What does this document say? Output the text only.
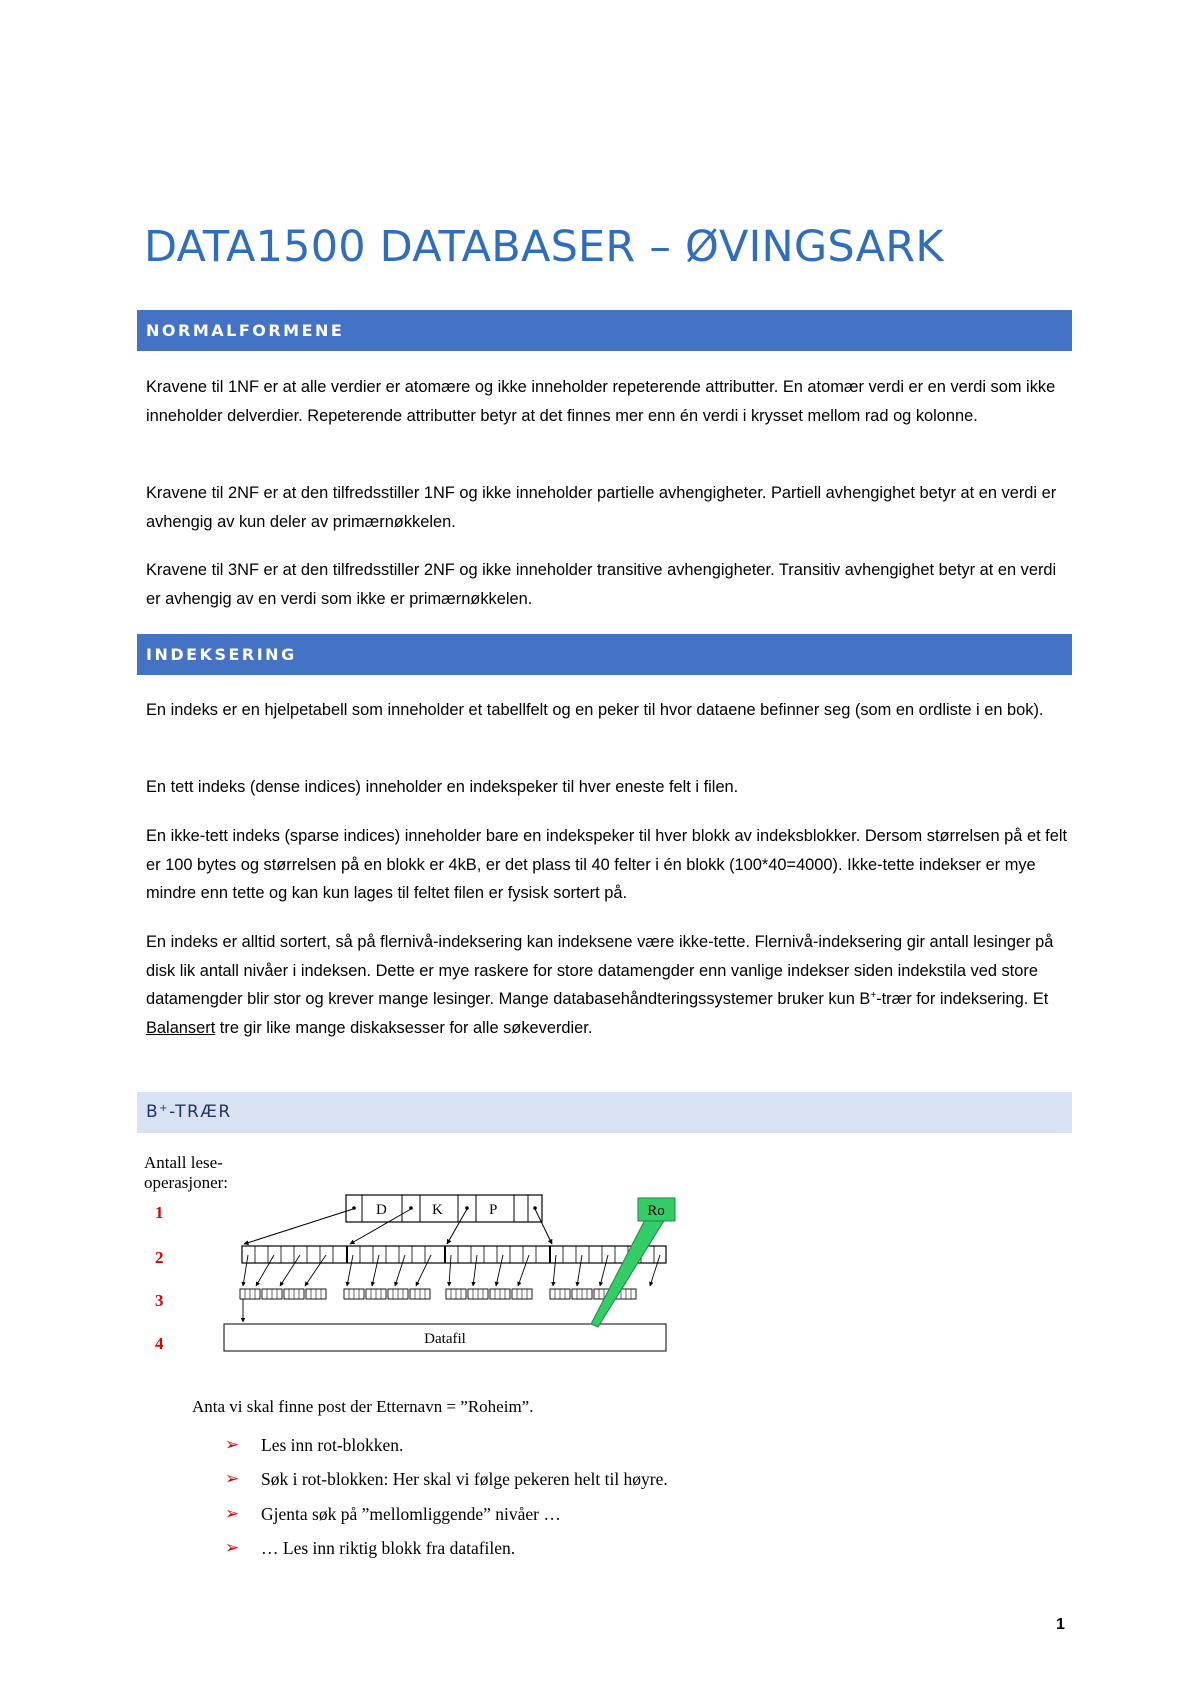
DATA1500 DATABASER – ØVINGSARK
NORMALFORMENE

Kravene til 1NF er at alle verdier er atomære og ikke inneholder repeterende attributter. En atomær verdi er en verdi som ikke inneholder delverdier. Repeterende attributter betyr at det finnes mer enn én verdi i krysset mellom rad og kolonne.

Kravene til 2NF er at den tilfredsstiller 1NF og ikke inneholder partielle avhengigheter. Partiell avhengighet betyr at en verdi er avhengig av kun deler av primærnøkkelen.

Kravene til 3NF er at den tilfredsstiller 2NF og ikke inneholder transitive avhengigheter. Transitiv avhengighet betyr at en verdi er avhengig av en verdi som ikke er primærnøkkelen.

INDEKSERING

En indeks er en hjelpetabell som inneholder et tabellfelt og en peker til hvor dataene befinner seg (som en ordliste i en bok).

En tett indeks (dense indices) inneholder en indekspeker til hver eneste felt i filen.

En ikke-tett indeks (sparse indices) inneholder bare en indekspeker til hver blokk av indeksblokker. Dersom størrelsen på et felt er 100 bytes og størrelsen på en blokk er 4kB, er det plass til 40 felter i én blokk (100*40=4000). Ikke-tette indekser er mye mindre enn tette og kan kun lages til feltet filen er fysisk sortert på.

En indeks er alltid sortert, så på flernivå-indeksering kan indeksene være ikke-tette. Flernivå-indeksering gir antall lesinger på disk lik antall nivåer i indeksen. Dette er mye raskere for store datamengder enn vanlige indekser siden indekstila ved store datamengder blir stor og krever mange lesinger. Mange databasehåndteringssystemer bruker kun B+-trær for indeksering. Et Balansert tre gir like mange diskaksesser for alle søkeverdier.

B+-TRÆR
Antall lese-
operasjoner:
1
2
3
4
D	K	P
Datafil
Ro

Anta vi skal finne post der Etternavn = ”Roheim”.

➢ Les inn rot-blokken.
➢ Søk i rot-blokken: Her skal vi følge pekeren helt til høyre.
➢ Gjenta søk på ”mellomliggende” nivåer …
➢ … Les inn riktig blokk fra datafilen.
1
